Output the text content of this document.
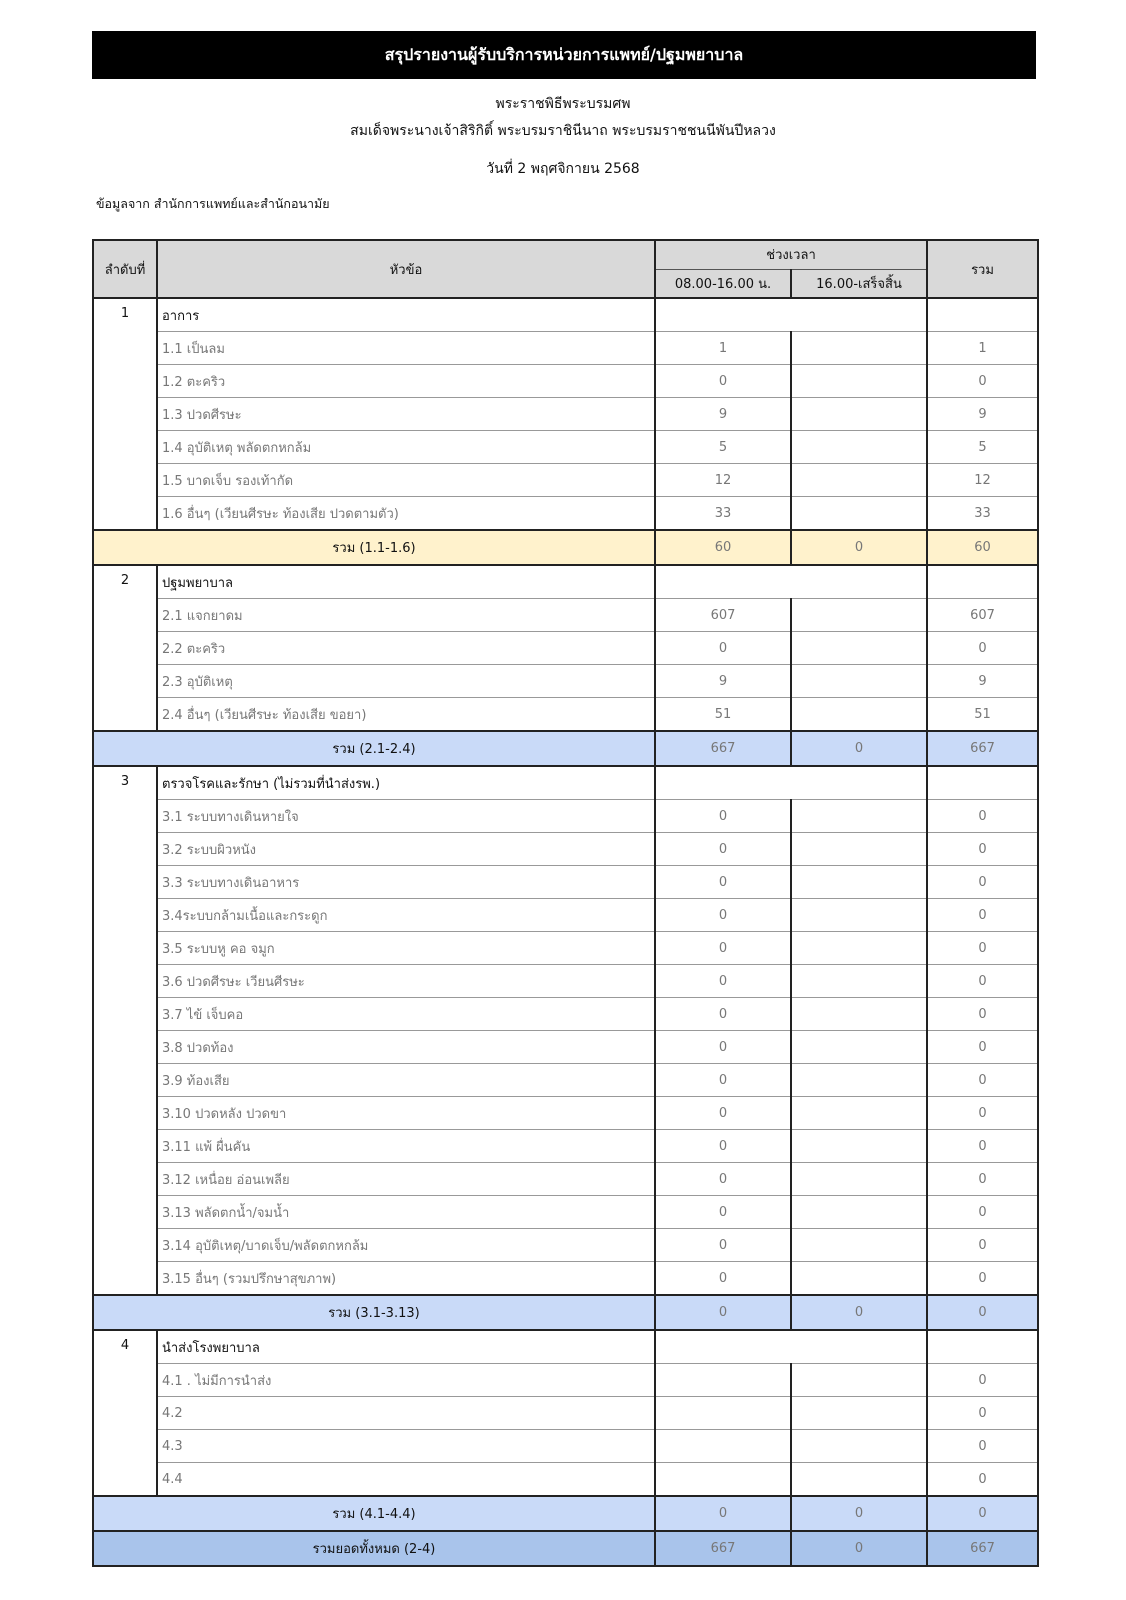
สรุปรายงานผู้รับบริการหน่วยการแพทย์/ปฐมพยาบาล
พระราชพิธีพระบรมศพ
สมเด็จพระนางเจ้าสิริกิติ์ พระบรมราชินีนาถ พระบรมราชชนนีพันปีหลวง
วันที่ 2 พฤศจิกายน 2568
ข้อมูลจาก สำนักการแพทย์และสำนักอนามัย
ลำดับที่	หัวข้อ	ช่วงเวลา		รวม
		08.00-16.00 น.	16.00-เสร็จสิ้น	
1	อาการ			
	1.1 เป็นลม	1		1
	1.2 ตะคริว	0		0
	1.3 ปวดศีรษะ	9		9
	1.4 อุบัติเหตุ พลัดตกหกล้ม	5		5
	1.5 บาดเจ็บ รองเท้ากัด	12		12
	1.6 อื่นๆ (เวียนศีรษะ ท้องเสีย ปวดตามตัว)	33		33
รวม (1.1-1.6)		60	0	60
2	ปฐมพยาบาล			
	2.1 แจกยาดม	607		607
	2.2 ตะคริว	0		0
	2.3 อุบัติเหตุ	9		9
	2.4 อื่นๆ (เวียนศีรษะ ท้องเสีย ขอยา)	51		51
รวม (2.1-2.4)		667	0	667
3	ตรวจโรคและรักษา (ไม่รวมที่นำส่งรพ.)			
	3.1 ระบบทางเดินหายใจ	0		0
	3.2 ระบบผิวหนัง	0		0
	3.3 ระบบทางเดินอาหาร	0		0
	3.4ระบบกล้ามเนื้อและกระดูก	0		0
	3.5 ระบบหู คอ จมูก	0		0
	3.6 ปวดศีรษะ เวียนศีรษะ	0		0
	3.7 ไข้ เจ็บคอ	0		0
	3.8 ปวดท้อง	0		0
	3.9 ท้องเสีย	0		0
	3.10 ปวดหลัง ปวดขา	0		0
	3.11 แพ้ ผื่นคัน	0		0
	3.12 เหนื่อย อ่อนเพลีย	0		0
	3.13 พลัดตกน้ำ/จมน้ำ	0		0
	3.14 อุบัติเหตุ/บาดเจ็บ/พลัดตกหกล้ม	0		0
	3.15 อื่นๆ (รวมปรึกษาสุขภาพ)	0		0
รวม (3.1-3.13)		0	0	0
4	นำส่งโรงพยาบาล			
	4.1 . ไม่มีการนำส่ง			0
	4.2			0
	4.3			0
	4.4			0
รวม (4.1-4.4)		0	0	0
รวมยอดทั้งหมด (2-4)		667	0	667
